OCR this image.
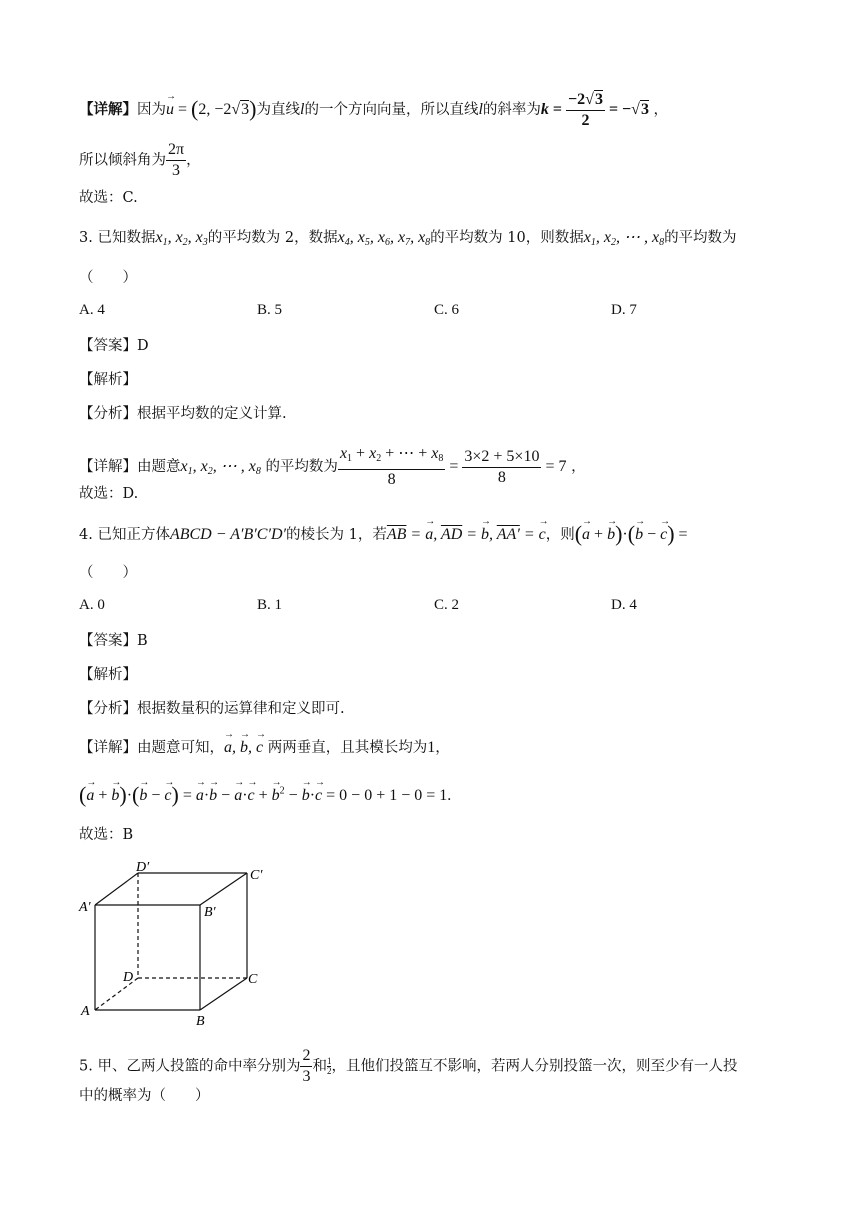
【详解】因为→ u = (2, −2√3)为直线l的一个方向向量，所以直线l的斜率为$k = \frac{-2√3}{2} = -√3$ ，
所以倾斜角为 $\frac{2\pi}{3}$ ，
故选：C.
3. 已知数据$x_1$, $x_2$, $x_3$的平均数为 2，数据$x_4$, $x_5$, $x_6$, $x_7$, $x_8$的平均数为 10，则数据$x_1$, $x_2$, ⋯ , $x_8$的平均数为
（　　）
A. 4	B. 5	C. 6	D. 7
【答案】D
【解析】
【分析】根据平均数的定义计算.
【详解】由题意$x_1$, $x_2$, ⋯ , $x_8$ 的平均数为 $\frac{x_1 + x_2 + \cdots + x_8}{8} = \frac{3\times 2 + 5\times 10}{8} = 7$ ，
故选：D.
4. 已知正方体ABCD − A′B′C′D′的棱长为 1，若$\overline{AB}$ = → a, $\overline{AD}$ = → b, AA′ = → c，则(→ a + → b)·(→ b − → c) =
（　　）
A. 0	B. 1	C. 2	D. 4
【答案】B
【解析】
【分析】根据数量积的运算律和定义即可.
【详解】由题意可知，→ a, → b, → c 两两垂直，且其模长均为1，
(→ a + → b)·(→ b − → c) = → a·→ b − → a·→ c + → $b^2$ − → b·→ c = 0 − 0 + 1 − 0 = 1.
故选：B
D′
C′
A′	B′
D	C
A
B
5. 甲、乙两人投篮的命中率分别为 $\frac{2}{3}$ 和 $\frac{1}{2}$ ，且他们投篮互不影响，若两人分别投篮一次，则至少有一人投
中的概率为（　　）
